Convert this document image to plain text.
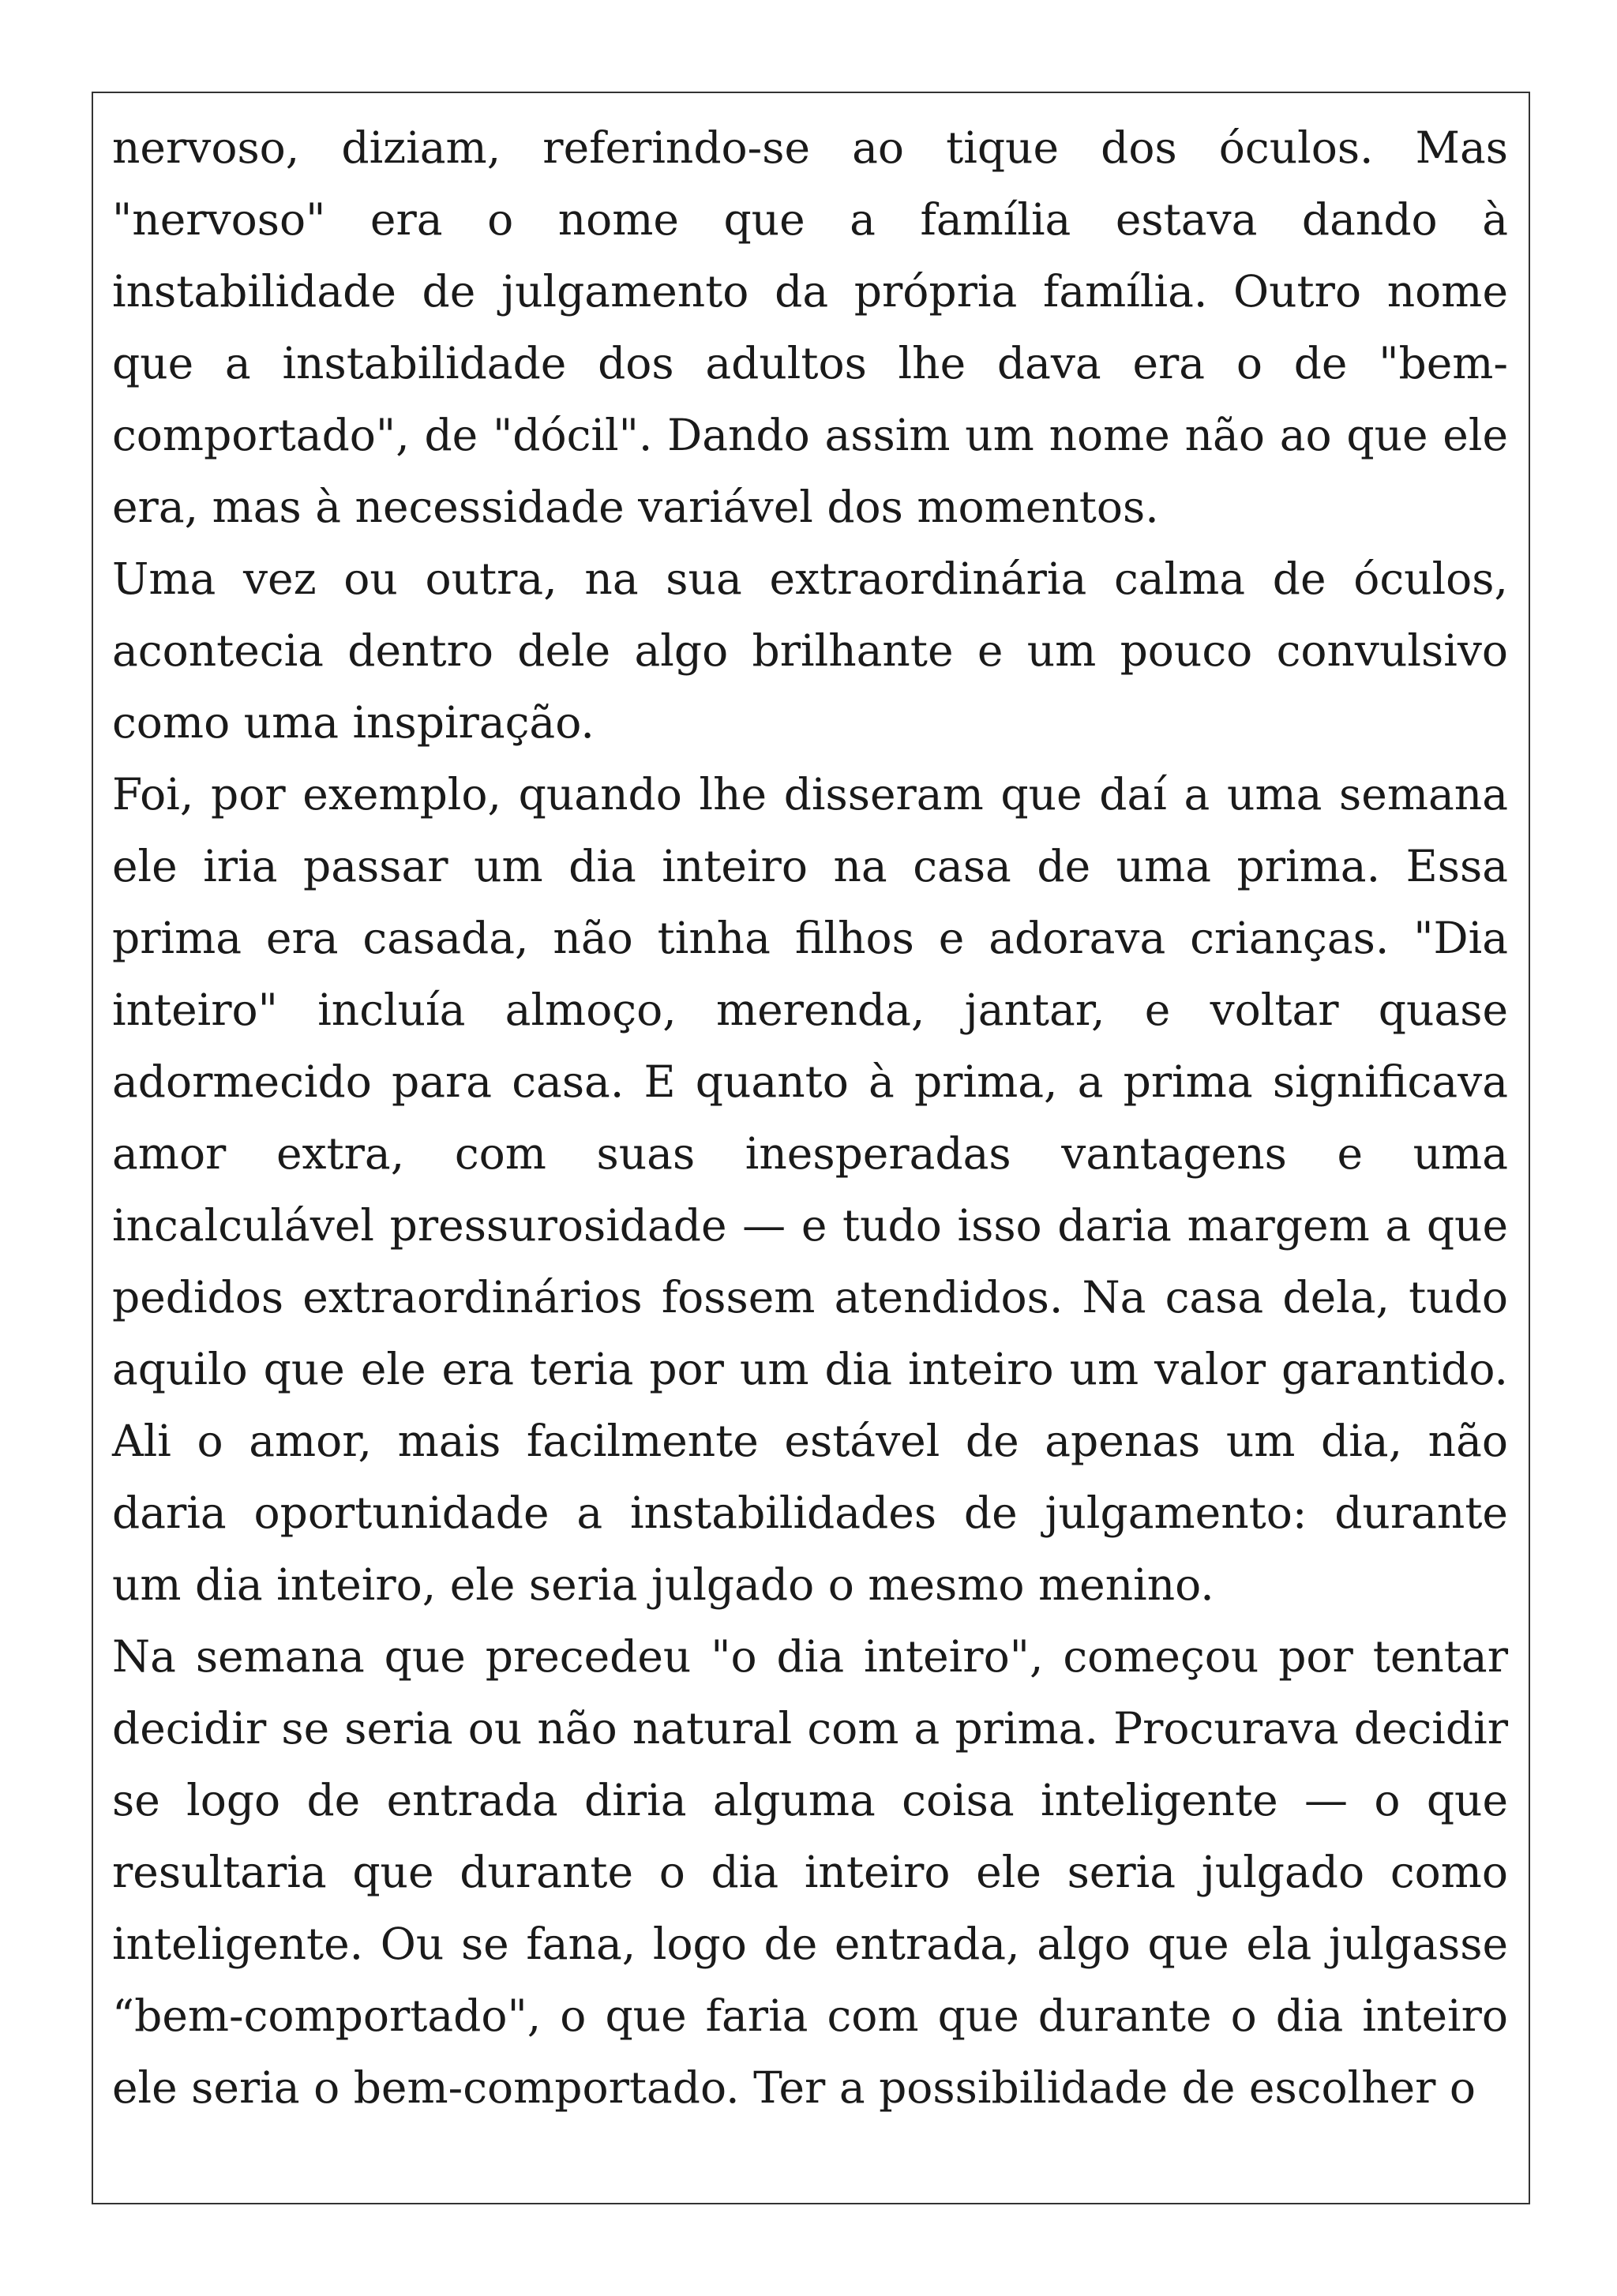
nervoso, diziam, referindo-se ao tique dos óculos. Mas "nervoso" era o nome que a família estava dando à instabilidade de julgamento da própria família. Outro nome que a instabilidade dos adultos lhe dava era o de "bem-comportado", de "dócil". Dando assim um nome não ao que ele era, mas à necessidade variável dos momentos.

Uma vez ou outra, na sua extraordinária calma de óculos, acontecia dentro dele algo brilhante e um pouco convulsivo como uma inspiração.

Foi, por exemplo, quando lhe disseram que daí a uma semana ele iria passar um dia inteiro na casa de uma prima. Essa prima era casada, não tinha filhos e adorava crianças. "Dia inteiro" incluía almoço, merenda, jantar, e voltar quase adormecido para casa. E quanto à prima, a prima significava amor extra, com suas inesperadas vantagens e uma incalculável pressurosidade — e tudo isso daria margem a que pedidos extraordinários fossem atendidos. Na casa dela, tudo aquilo que ele era teria por um dia inteiro um valor garantido. Ali o amor, mais facilmente estável de apenas um dia, não daria oportunidade a instabilidades de julgamento: durante um dia inteiro, ele seria julgado o mesmo menino.

Na semana que precedeu "o dia inteiro", começou por tentar decidir se seria ou não natural com a prima. Procurava decidir se logo de entrada diria alguma coisa inteligente — o que resultaria que durante o dia inteiro ele seria julgado como inteligente. Ou se fana, logo de entrada, algo que ela julgasse “bem-comportado", o que faria com que durante o dia inteiro ele seria o bem-comportado. Ter a possibilidade de escolher o
